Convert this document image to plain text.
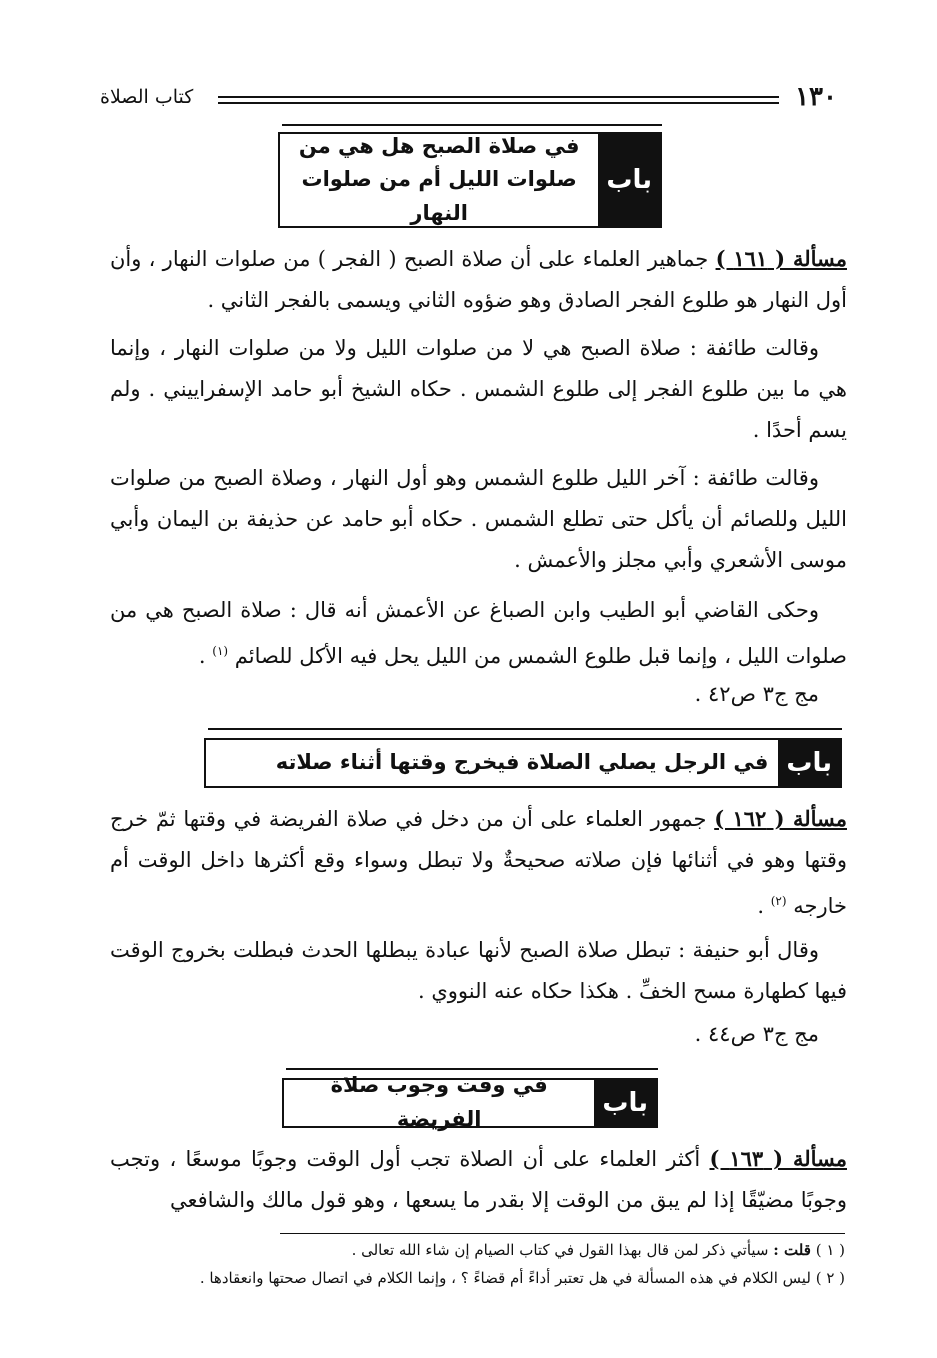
١٣٠
كتاب الصلاة
باب
في صلاة الصبح هل هي من
صلوات الليل أم من صلوات النهار
مسألة ( ١٦١ ) جماهير العلماء على أن صلاة الصبح ( الفجر ) من صلوات النهار ، وأن أول النهار هو طلوع الفجر الصادق وهو ضؤوه الثاني ويسمى بالفجر الثاني .
وقالت طائفة : صلاة الصبح هي لا من صلوات الليل ولا من صلوات النهار ، وإنما هي ما بين طلوع الفجر إلى طلوع الشمس . حكاه الشيخ أبو حامد الإسفراييني . ولم يسم أحدًا .
وقالت طائفة : آخر الليل طلوع الشمس وهو أول النهار ، وصلاة الصبح من صلوات الليل وللصائم أن يأكل حتى تطلع الشمس . حكاه أبو حامد عن حذيفة بن اليمان وأبي موسى الأشعري وأبي مجلز والأعمش .
وحكى القاضي أبو الطيب وابن الصباغ عن الأعمش أنه قال : صلاة الصبح هي من صلوات الليل ، وإنما قبل طلوع الشمس من الليل يحل فيه الأكل للصائم $^{(١)}$ .
مج ج٣ ص٤٢ .
باب
في الرجل يصلي الصلاة فيخرج وقتها أثناء صلاته
مسألة ( ١٦٢ ) جمهور العلماء على أن من دخل في صلاة الفريضة في وقتها ثمّ خرج وقتها وهو في أثنائها فإن صلاته صحيحةٌ ولا تبطل وسواء وقع أكثرها داخل الوقت أم خارجه $^{(٢)}$ .
وقال أبو حنيفة : تبطل صلاة الصبح لأنها عبادة يبطلها الحدث فبطلت بخروج الوقت فيها كطهارة مسح الخفِّ . هكذا حكاه عنه النووي .
مج ج٣ ص٤٤ .
باب
في وقت وجوب صلاة الفريضة
مسألة ( ١٦٣ ) أكثر العلماء على أن الصلاة تجب أول الوقت وجوبًا موسعًا ، وتجب وجوبًا مضيّقًا إذا لم يبق من الوقت إلا بقدر ما يسعها ، وهو قول مالك والشافعي
( ١ ) قلت : سيأتي ذكر لمن قال بهذا القول في كتاب الصيام إن شاء الله تعالى .
( ٢ ) ليس الكلام في هذه المسألة في هل تعتبر أداءً أم قضاءً ؟ ، وإنما الكلام في اتصال صحتها وانعقادها .
